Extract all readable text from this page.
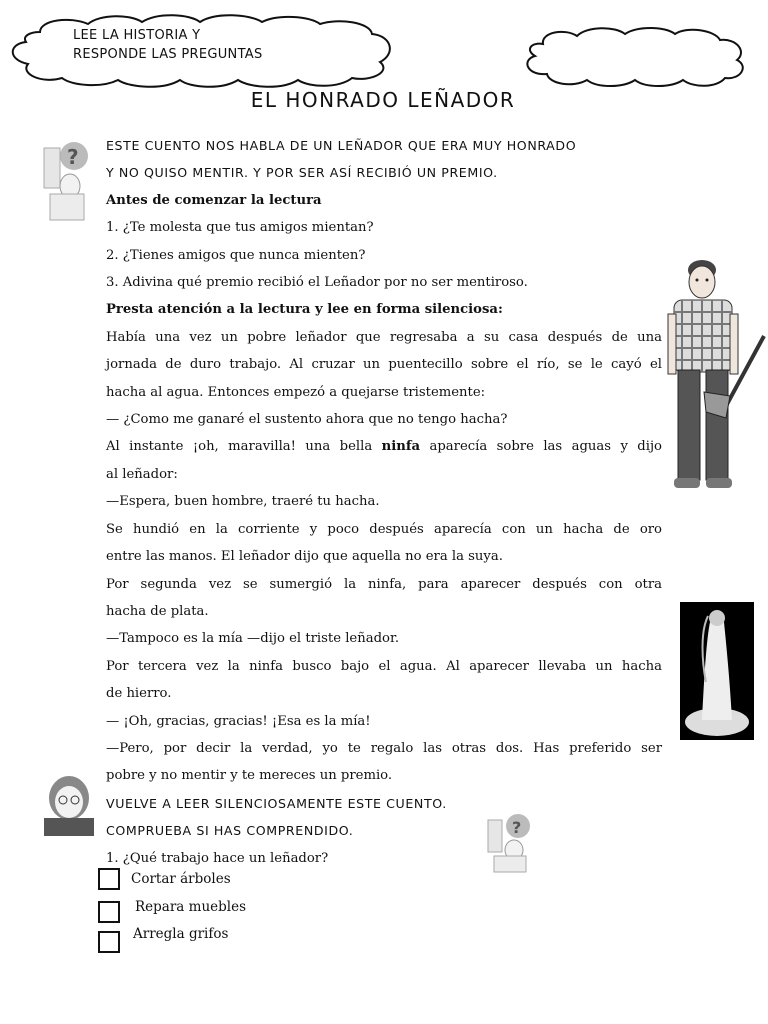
LEE LA HISTORIA Y
RESPONDE LAS PREGUNTAS
EL HONRADO LEÑADOR
?
?
ESTE CUENTO NOS HABLA DE UN LEÑADOR QUE ERA MUY HONRADO
Y NO QUISO MENTIR. Y POR SER ASÍ RECIBIÓ UN PREMIO.
Antes de comenzar la lectura
1. ¿Te molesta que tus amigos mientan?
2. ¿Tienes amigos que nunca mienten?
3. Adivina qué premio recibió el Leñador por no ser mentiroso.
Presta atención a la lectura y lee en forma silenciosa:
Había una vez un pobre leñador que regresaba a su casa después de una
jornada de duro trabajo. Al cruzar un puentecillo sobre el río, se le cayó el
hacha al agua. Entonces empezó a quejarse tristemente:
— ¿Como me ganaré el sustento ahora que no tengo hacha?
Al instante ¡oh, maravilla! una bella ninfa aparecía sobre las aguas y dijo
al leñador:
—Espera, buen hombre, traeré tu hacha.
Se hundió en la corriente y poco después aparecía con un hacha de oro
entre las manos. El leñador dijo que aquella no era la suya.
Por segunda vez se sumergió la ninfa, para aparecer después con otra
hacha de plata.
—Tampoco es la mía —dijo el triste leñador.
Por tercera vez la ninfa busco bajo el agua. Al aparecer llevaba un hacha
de hierro.
— ¡Oh, gracias, gracias! ¡Esa es la mía!
—Pero, por decir la verdad, yo te regalo las otras dos. Has preferido ser
pobre y no mentir y te mereces un premio.
VUELVE A LEER SILENCIOSAMENTE ESTE CUENTO.
COMPRUEBA SI HAS COMPRENDIDO.
1. ¿Qué trabajo hace un leñador?
Cortar árboles
Repara muebles
Arregla grifos
